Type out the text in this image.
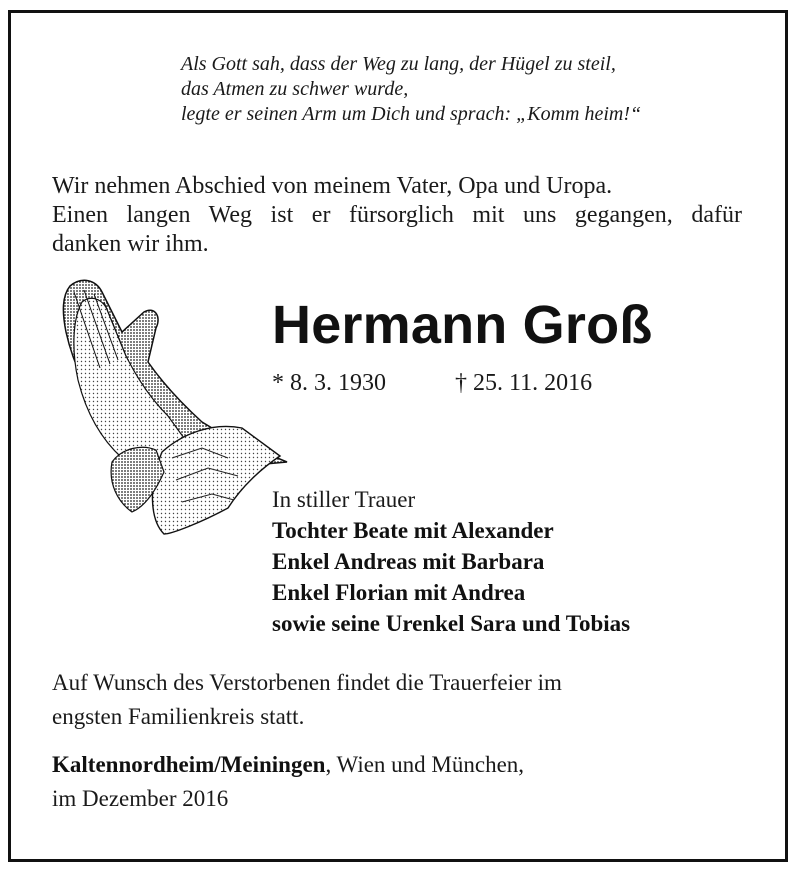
Als Gott sah, dass der Weg zu lang, der Hügel zu steil,
das Atmen zu schwer wurde,
legte er seinen Arm um Dich und sprach: „Komm heim!“
Wir nehmen Abschied von meinem Vater, Opa und Uropa.
Einen langen Weg ist er fürsorglich mit uns gegangen, dafür
danken wir ihm.
Hermann Groß
* 8. 3. 1930	† 25. 11. 2016
In stiller Trauer
Tochter Beate mit Alexander
Enkel Andreas mit Barbara
Enkel Florian mit Andrea
sowie seine Urenkel Sara und Tobias
Auf Wunsch des Verstorbenen findet die Trauerfeier im
engsten Familienkreis statt.
Kaltennordheim/Meiningen, Wien und München,
im Dezember 2016
